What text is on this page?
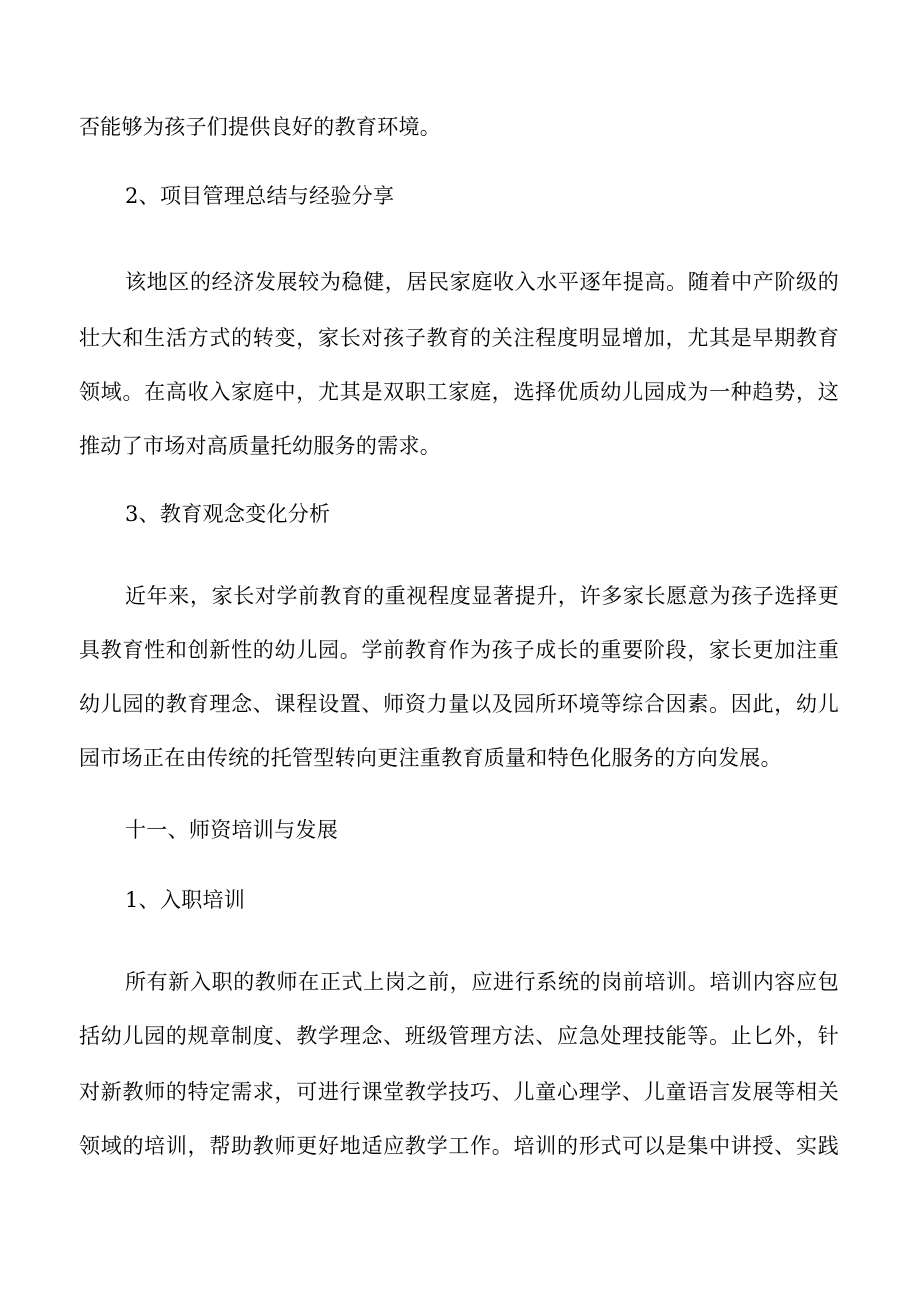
否能够为孩子们提供良好的教育环境。
2、项目管理总结与经验分享
该地区的经济发展较为稳健，居民家庭收入水平逐年提高。随着中产阶级的
壮大和生活方式的转变，家长对孩子教育的关注程度明显增加，尤其是早期教育
领域。在高收入家庭中，尤其是双职工家庭，选择优质幼儿园成为一种趋势，这
推动了市场对高质量托幼服务的需求。
3、教育观念变化分析
近年来，家长对学前教育的重视程度显著提升，许多家长愿意为孩子选择更
具教育性和创新性的幼儿园。学前教育作为孩子成长的重要阶段，家长更加注重
幼儿园的教育理念、课程设置、师资力量以及园所环境等综合因素。因此，幼儿
园市场正在由传统的托管型转向更注重教育质量和特色化服务的方向发展。
十一、师资培训与发展
1、入职培训
所有新入职的教师在正式上岗之前，应进行系统的岗前培训。培训内容应包
括幼儿园的规章制度、教学理念、班级管理方法、应急处理技能等。止匕外，针
对新教师的特定需求，可进行课堂教学技巧、儿童心理学、儿童语言发展等相关
领域的培训，帮助教师更好地适应教学工作。培训的形式可以是集中讲授、实践
